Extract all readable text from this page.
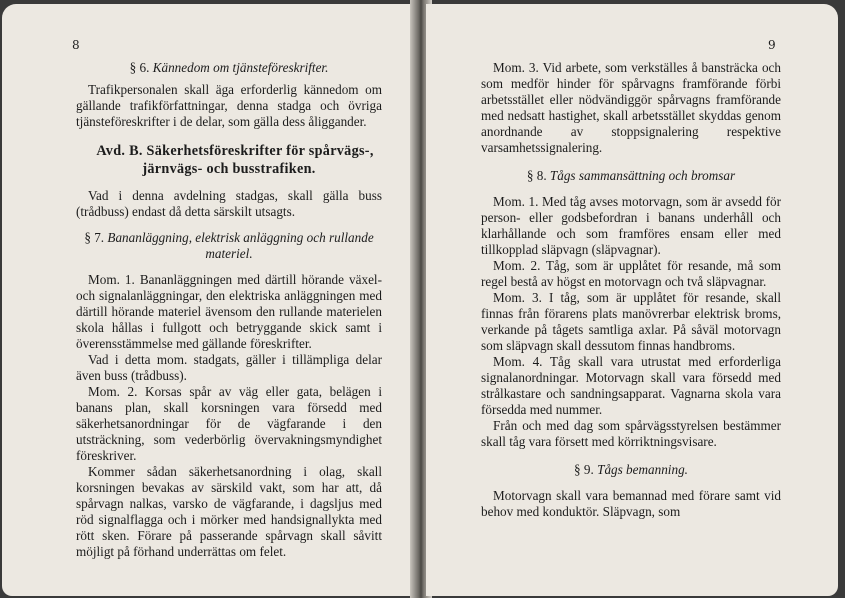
8

§ 6. Kännedom om tjänsteföreskrifter.

Trafikpersonalen skall äga erforderlig kännedom om gällande trafikförfattningar, denna stadga och övriga tjänsteföreskrifter i de delar, som gälla dess åliggander.

Avd. B. Säkerhetsföreskrifter för spårvägs-, järnvägs- och busstrafiken.

Vad i denna avdelning stadgas, skall gälla buss (trådbuss) endast då detta särskilt utsagts.

§ 7. Bananläggning, elektrisk anläggning och rullande materiel.

Mom. 1. Bananläggningen med därtill hörande växel- och signalanläggningar, den elektriska anläggningen med därtill hörande materiel ävensom den rullande materielen skola hållas i fullgott och betryggande skick samt i överensstämmelse med gällande föreskrifter.

Vad i detta mom. stadgats, gäller i tillämpliga delar även buss (trådbuss).

Mom. 2. Korsas spår av väg eller gata, belägen i banans plan, skall korsningen vara försedd med säkerhetsanordningar för de vägfarande i den utsträckning, som vederbörlig övervakningsmyndighet föreskriver.

Kommer sådan säkerhetsanordning i olag, skall korsningen bevakas av särskild vakt, som har att, då spårvagn nalkas, varsko de vägfarande, i dagsljus med röd signalflagga och i mörker med handsignallykta med rött sken. Förare på passerande spårvagn skall såvitt möjligt på förhand underrättas om felet.

9

Mom. 3. Vid arbete, som verkställes å bansträcka och som medför hinder för spårvagns framförande förbi arbetsstället eller nödvändiggör spårvagns framförande med nedsatt hastighet, skall arbetsstället skyddas genom anordnande av stoppsignalering respektive varsamhetssignalering.

§ 8. Tågs sammansättning och bromsar

Mom. 1. Med tåg avses motorvagn, som är avsedd för person- eller godsbefordran i banans underhåll och klarhållande och som framföres ensam eller med tillkopplad släpvagn (släpvagnar).

Mom. 2. Tåg, som är upplåtet för resande, må som regel bestå av högst en motorvagn och två släpvagnar.

Mom. 3. I tåg, som är upplåtet för resande, skall finnas från förarens plats manövrerbar elektrisk broms, verkande på tågets samtliga axlar. På såväl motorvagn som släpvagn skall dessutom finnas handbroms.

Mom. 4. Tåg skall vara utrustat med erforderliga signalanordningar. Motorvagn skall vara försedd med strålkastare och sandningsapparat. Vagnarna skola vara försedda med nummer.

Från och med dag som spårvägsstyrelsen bestämmer skall tåg vara försett med körriktningsvisare.

§ 9. Tågs bemanning.

Motorvagn skall vara bemannad med förare samt vid behov med konduktör. Släpvagn, som
